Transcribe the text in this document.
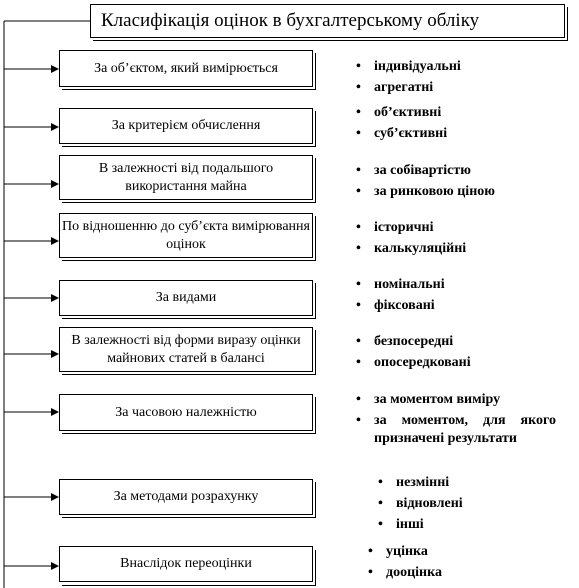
Класифікація оцінок в бухгалтерському обліку
За об’єктом, який вимірюється	• індивідуальні
• агрегатні
За критерієм обчислення
• об’єктивні
• суб’єктивні
В залежності від подальшого використання майна
• за собівартістю
• за ринковою ціною
По відношенню до суб’єкта вимірювання оцінок
• історичні
• калькуляційні
За видами
• номінальні
• фіксовані
В залежності від форми виразу оцінки майнових статей в балансі
• безпосередні
• опосередковані
За часовою належністю
• за моментом виміру
• за моментом, для якого призначені результати
За методами розрахунку
• незмінні
• відновлені
• інші
Внаслідок переоцінки
• уцінка
• дооцінка
